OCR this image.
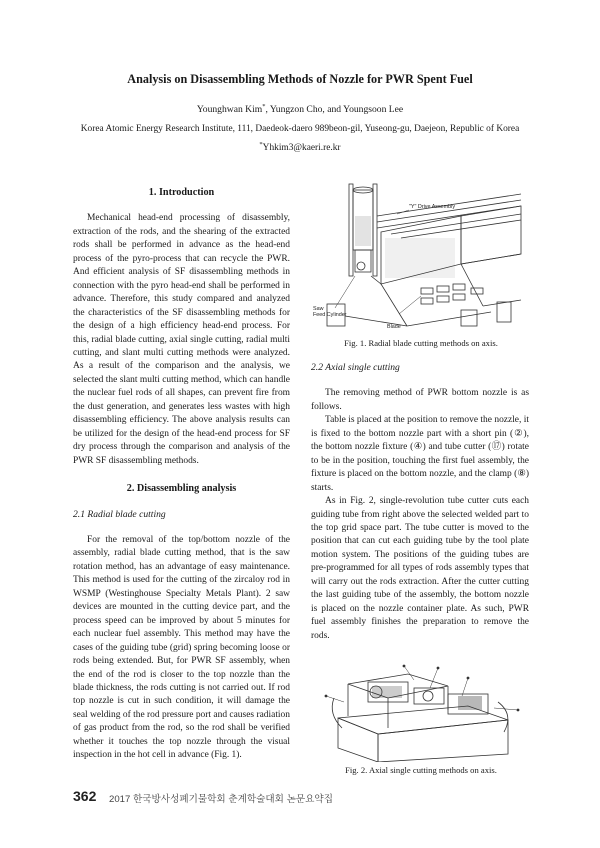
Analysis on Disassembling Methods of Nozzle for PWR Spent Fuel
Younghwan Kim*, Yungzon Cho, and Youngsoon Lee
Korea Atomic Energy Research Institute, 111, Daedeok-daero 989beon-gil, Yuseong-gu, Daejeon, Republic of Korea
*Yhkim3@kaeri.re.kr

1. Introduction

Mechanical head-end processing of disassembly, extraction of the rods, and the shearing of the extracted rods shall be performed in advance as the head-end process of the pyro-process that can recycle the PWR. And efficient analysis of SF disassembling methods in connection with the pyro head-end shall be performed in advance. Therefore, this study compared and analyzed the characteristics of the SF disassembling methods for the design of a high efficiency head-end process. For this, radial blade cutting, axial single cutting, radial multi cutting, and slant multi cutting methods were analyzed. As a result of the comparison and the analysis, we selected the slant multi cutting method, which can handle the nuclear fuel rods of all shapes, can prevent fire from the dust generation, and generates less wastes with high disassembling efficiency. The above analysis results can be utilized for the design of the head-end process for SF dry process through the comparison and analysis of the PWR SF disassembling methods.

2. Disassembling analysis

2.1 Radial blade cutting

For the removal of the top/bottom nozzle of the assembly, radial blade cutting method, that is the saw rotation method, has an advantage of easy maintenance. This method is used for the cutting of the zircaloy rod in WSMP (Westinghouse Specialty Metals Plant). 2 saw devices are mounted in the cutting device part, and the process speed can be improved by about 5 minutes for each nuclear fuel assembly. This method may have the cases of the guiding tube (grid) spring becoming loose or rods being extended. But, for PWR SF assembly, when the end of the rod is closer to the top nozzle than the blade thickness, the rods cutting is not carried out. If rod top nozzle is cut in such condition, it will damage the seal welding of the rod pressure port and causes radiation of gas product from the rod, so the rod shall be verified whether it touches the top nozzle through the visual inspection in the hot cell in advance (Fig. 1).

"Y" Drive Assembly
Saw
Feed Cylinder
Blade
Fig. 1. Radial blade cutting methods on axis.

2.2 Axial single cutting

The removing method of PWR bottom nozzle is as follows.

Table is placed at the position to remove the nozzle, it is fixed to the bottom nozzle part with a short pin (②), the bottom nozzle fixture (④) and tube cutter (⑰) rotate to be in the position, touching the first fuel assembly, the fixture is placed on the bottom nozzle, and the clamp (⑧) starts.

As in Fig. 2, single-revolution tube cutter cuts each guiding tube from right above the selected welded part to the top grid space part. The tube cutter is moved to the position that can cut each guiding tube by the tool plate motion system. The positions of the guiding tubes are pre-programmed for all types of rods assembly types that will carry out the rods extraction. After the cutter cutting the last guiding tube of the assembly, the bottom nozzle is placed on the nozzle container plate. As such, PWR fuel assembly finishes the preparation to remove the rods.

Fig. 2. Axial single cutting methods on axis.
362 2017 한국방사성폐기물학회 춘계학술대회 논문요약집
